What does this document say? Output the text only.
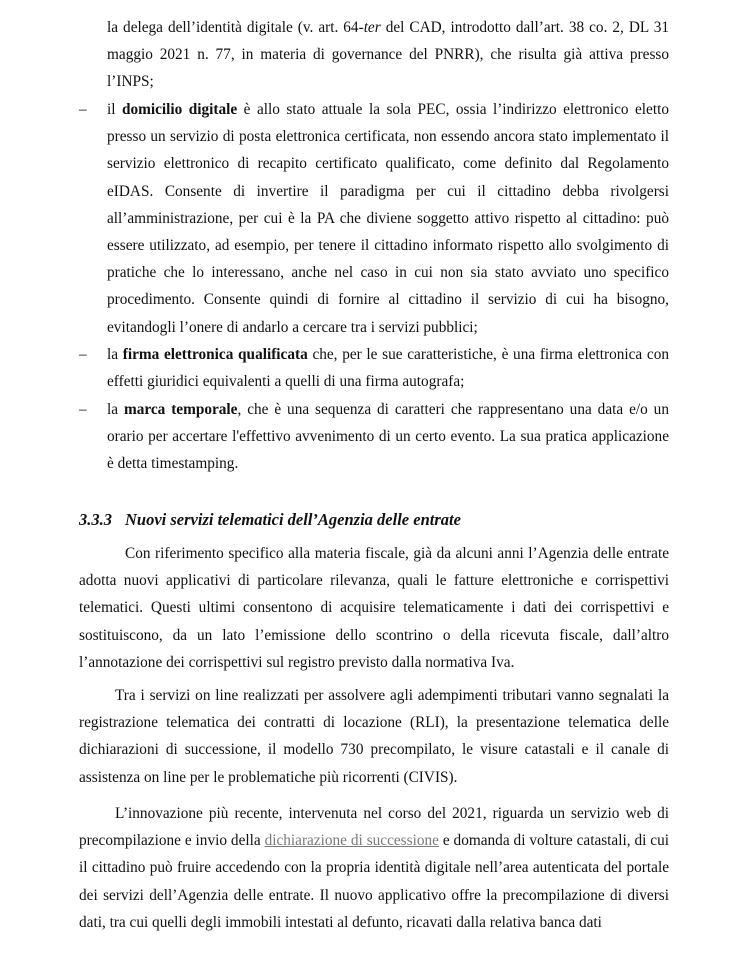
la delega dell’identità digitale (v. art. 64-ter del CAD, introdotto dall’art. 38 co. 2, DL 31 maggio 2021 n. 77, in materia di governance del PNRR), che risulta già attiva presso l’INPS;

– il domicilio digitale è allo stato attuale la sola PEC, ossia l’indirizzo elettronico eletto presso un servizio di posta elettronica certificata, non essendo ancora stato implementato il servizio elettronico di recapito certificato qualificato, come definito dal Regolamento eIDAS. Consente di invertire il paradigma per cui il cittadino debba rivolgersi all’amministrazione, per cui è la PA che diviene soggetto attivo rispetto al cittadino: può essere utilizzato, ad esempio, per tenere il cittadino informato rispetto allo svolgimento di pratiche che lo interessano, anche nel caso in cui non sia stato avviato uno specifico procedimento. Consente quindi di fornire al cittadino il servizio di cui ha bisogno, evitandogli l’onere di andarlo a cercare tra i servizi pubblici;

– la firma elettronica qualificata che, per le sue caratteristiche, è una firma elettronica con effetti giuridici equivalenti a quelli di una firma autografa;

– la marca temporale, che è una sequenza di caratteri che rappresentano una data e/o un orario per accertare l'effettivo avvenimento di un certo evento. La sua pratica applicazione è detta timestamping.

3.3.3 Nuovi servizi telematici dell’Agenzia delle entrate

Con riferimento specifico alla materia fiscale, già da alcuni anni l’Agenzia delle entrate adotta nuovi applicativi di particolare rilevanza, quali le fatture elettroniche e corrispettivi telematici. Questi ultimi consentono di acquisire telematicamente i dati dei corrispettivi e sostituiscono, da un lato l’emissione dello scontrino o della ricevuta fiscale, dall’altro l’annotazione dei corrispettivi sul registro previsto dalla normativa Iva.

Tra i servizi on line realizzati per assolvere agli adempimenti tributari vanno segnalati la registrazione telematica dei contratti di locazione (RLI), la presentazione telematica delle dichiarazioni di successione, il modello 730 precompilato, le visure catastali e il canale di assistenza on line per le problematiche più ricorrenti (CIVIS).

L’innovazione più recente, intervenuta nel corso del 2021, riguarda un servizio web di precompilazione e invio della dichiarazione di successione e domanda di volture catastali, di cui il cittadino può fruire accedendo con la propria identità digitale nell’area autenticata del portale dei servizi dell’Agenzia delle entrate. Il nuovo applicativo offre la precompilazione di diversi dati, tra cui quelli degli immobili intestati al defunto, ricavati dalla relativa banca dati
